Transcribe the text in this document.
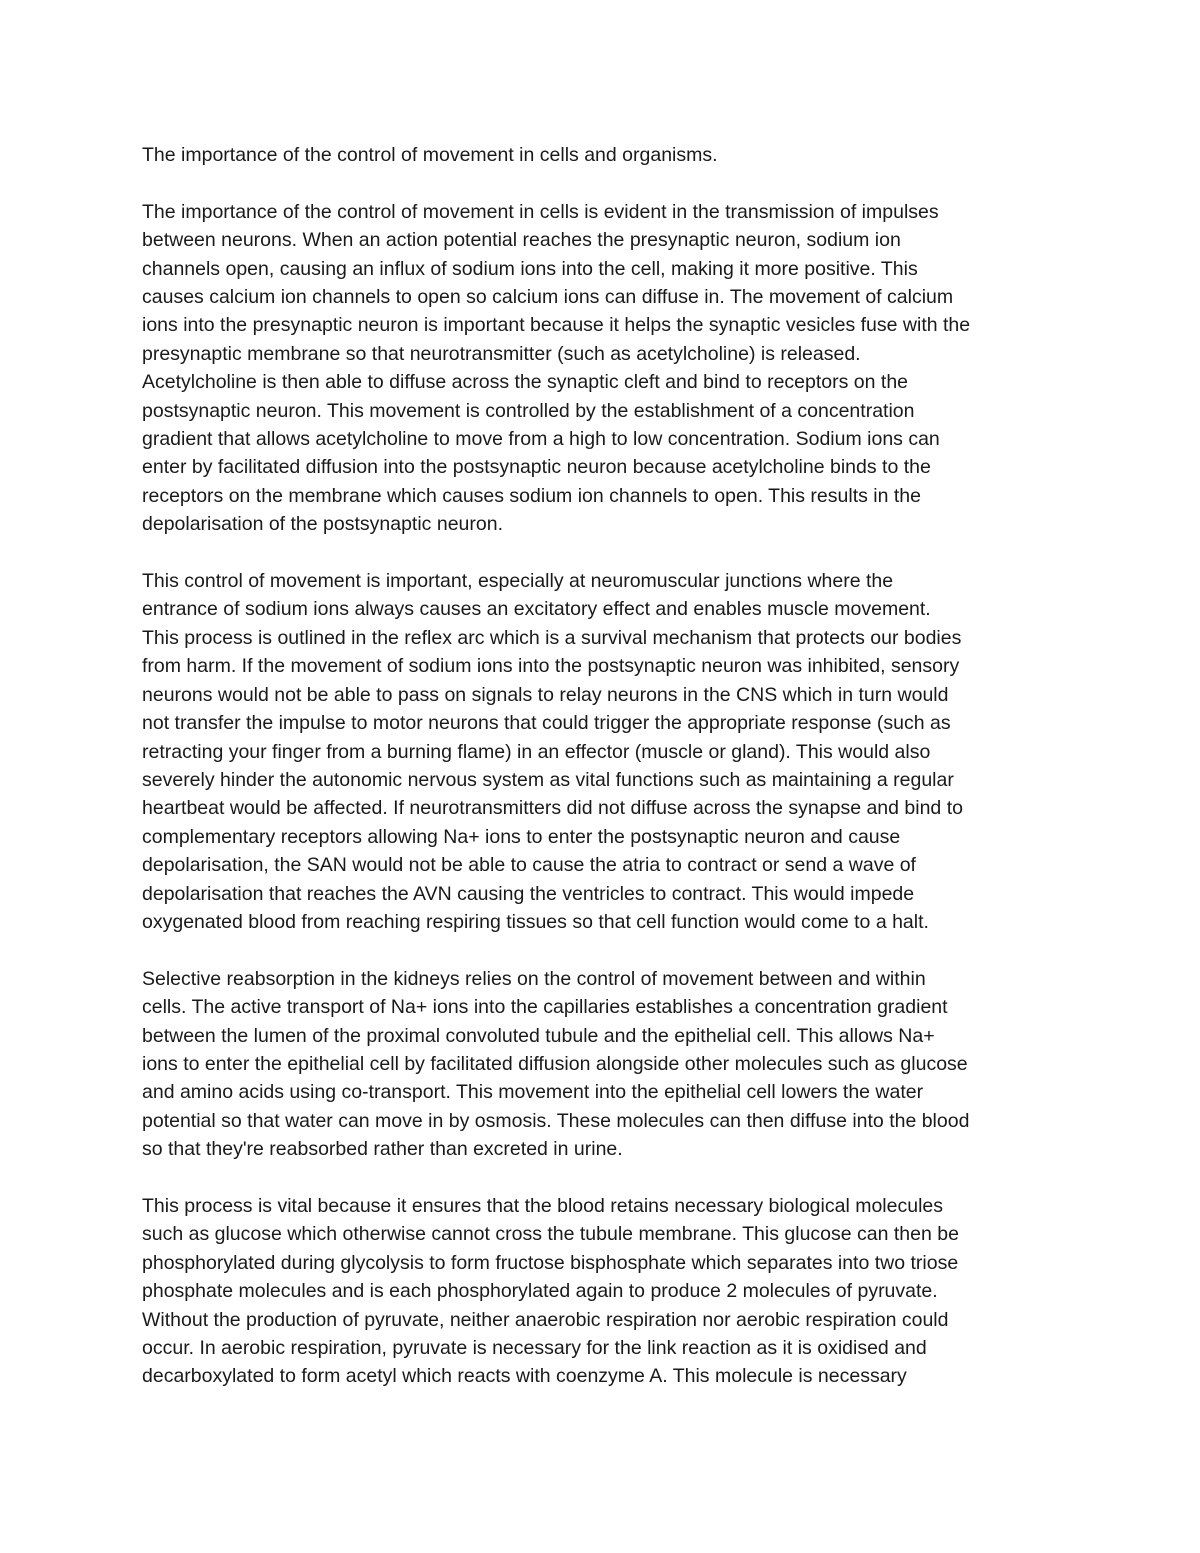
The importance of the control of movement in cells and organisms.

The importance of the control of movement in cells is evident in the transmission of impulses
between neurons. When an action potential reaches the presynaptic neuron, sodium ion
channels open, causing an influx of sodium ions into the cell, making it more positive. This
causes calcium ion channels to open so calcium ions can diffuse in. The movement of calcium
ions into the presynaptic neuron is important because it helps the synaptic vesicles fuse with the
presynaptic membrane so that neurotransmitter (such as acetylcholine) is released.
Acetylcholine is then able to diffuse across the synaptic cleft and bind to receptors on the
postsynaptic neuron. This movement is controlled by the establishment of a concentration
gradient that allows acetylcholine to move from a high to low concentration. Sodium ions can
enter by facilitated diffusion into the postsynaptic neuron because acetylcholine binds to the
receptors on the membrane which causes sodium ion channels to open. This results in the
depolarisation of the postsynaptic neuron.

This control of movement is important, especially at neuromuscular junctions where the
entrance of sodium ions always causes an excitatory effect and enables muscle movement.
This process is outlined in the reflex arc which is a survival mechanism that protects our bodies
from harm. If the movement of sodium ions into the postsynaptic neuron was inhibited, sensory
neurons would not be able to pass on signals to relay neurons in the CNS which in turn would
not transfer the impulse to motor neurons that could trigger the appropriate response (such as
retracting your finger from a burning flame) in an effector (muscle or gland). This would also
severely hinder the autonomic nervous system as vital functions such as maintaining a regular
heartbeat would be affected. If neurotransmitters did not diffuse across the synapse and bind to
complementary receptors allowing Na+ ions to enter the postsynaptic neuron and cause
depolarisation, the SAN would not be able to cause the atria to contract or send a wave of
depolarisation that reaches the AVN causing the ventricles to contract. This would impede
oxygenated blood from reaching respiring tissues so that cell function would come to a halt.

Selective reabsorption in the kidneys relies on the control of movement between and within
cells. The active transport of Na+ ions into the capillaries establishes a concentration gradient
between the lumen of the proximal convoluted tubule and the epithelial cell. This allows Na+
ions to enter the epithelial cell by facilitated diffusion alongside other molecules such as glucose
and amino acids using co-transport. This movement into the epithelial cell lowers the water
potential so that water can move in by osmosis. These molecules can then diffuse into the blood
so that they're reabsorbed rather than excreted in urine.

This process is vital because it ensures that the blood retains necessary biological molecules
such as glucose which otherwise cannot cross the tubule membrane. This glucose can then be
phosphorylated during glycolysis to form fructose bisphosphate which separates into two triose
phosphate molecules and is each phosphorylated again to produce 2 molecules of pyruvate.
Without the production of pyruvate, neither anaerobic respiration nor aerobic respiration could
occur. In aerobic respiration, pyruvate is necessary for the link reaction as it is oxidised and
decarboxylated to form acetyl which reacts with coenzyme A. This molecule is necessary
